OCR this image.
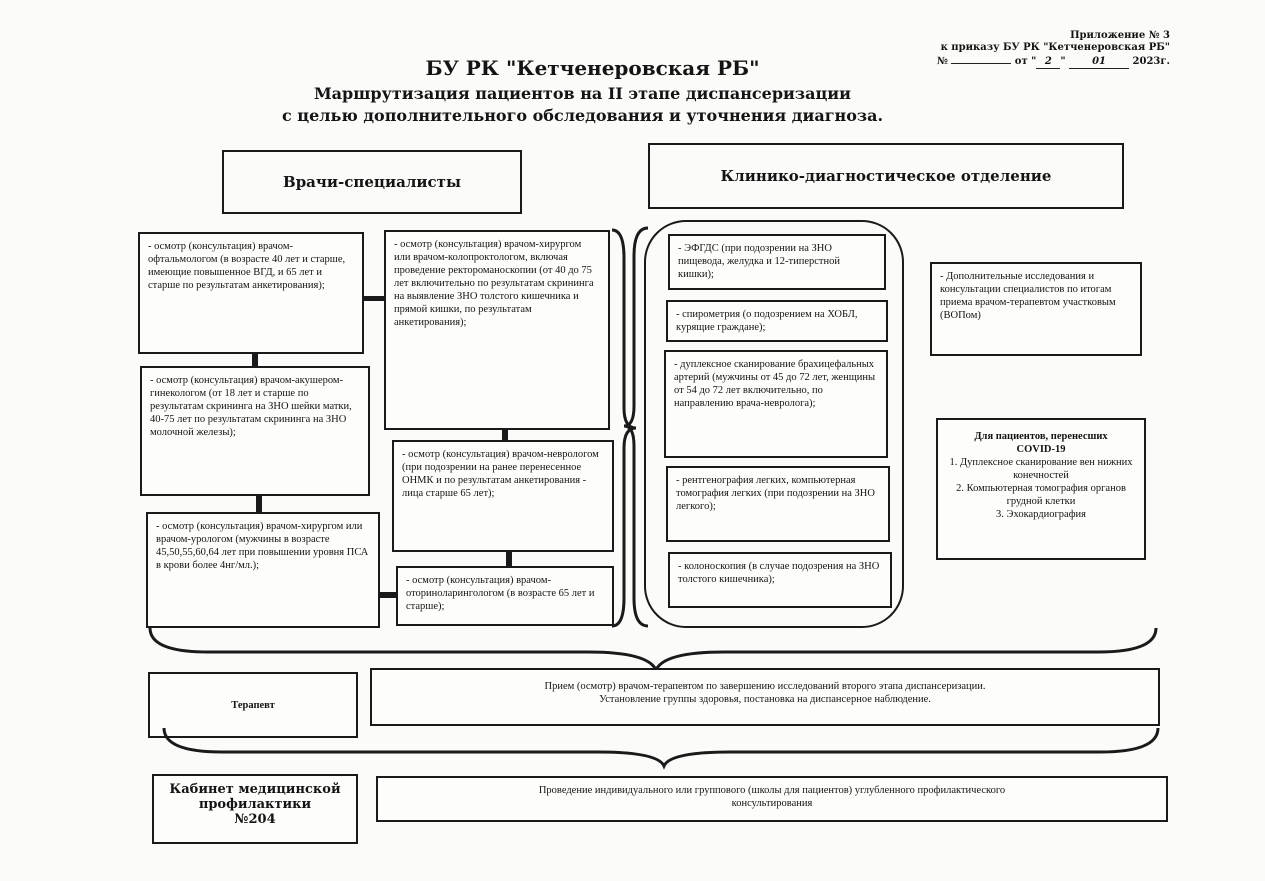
Приложение № 3
к приказу БУ РК "Кетченеровская РБ"
№	от " 2 " 01	2023г.
БУ РК "Кетченеровская РБ"
Маршрутизация пациентов на II этапе диспансеризации
с целью дополнительного обследования и уточнения диагноза.
Врачи-специалисты	Клинико-диагностическое отделение
- осмотр (консультация) врачом-офтальмологом (в возрасте 40 лет и старше, имеющие повышенное ВГД, и 65 лет и старше по результатам анкетирования);
- осмотр (консультация) врачом-акушером-гинекологом (от 18 лет и старше по результатам скрининга на ЗНО шейки матки, 40-75 лет по результатам скрининга на ЗНО молочной железы);
- осмотр (консультация) врачом-хирургом или врачом-урологом (мужчины в возрасте 45,50,55,60,64 лет при повышении уровня ПСА в крови более 4нг/мл.);
- осмотр (консультация) врачом-хирургом или врачом-колопроктологом, включая проведение ректороманоскопии (от 40 до 75 лет включительно по результатам скрининга на выявление ЗНО толстого кишечника и прямой кишки, по результатам анкетирования);
- осмотр (консультация) врачом-неврологом (при подозрении на ранее перенесенное ОНМК и по результатам анкетирования - лица старше 65 лет);
- осмотр (консультация) врачом-оториноларингологом (в возрасте 65 лет и старше);
- ЭФГДС (при подозрении на ЗНО пищевода, желудка и 12-типерстной кишки);
- спирометрия (о подозрением на ХОБЛ, курящие граждане);
- дуплексное сканирование брахицефальных артерий (мужчины от 45 до 72 лет, женщины от 54 до 72 лет включительно, по направлению врача-невролога);
- рентгенография легких, компьютерная томография легких (при подозрении на ЗНО легкого);
- колоноскопия (в случае подозрения на ЗНО толстого кишечника);
- Дополнительные исследования и консультации специалистов по итогам приема врачом-терапевтом участковым (ВОПом)
Для пациентов, перенесших
COVID-19
1. Дуплексное сканирование вен нижних конечностей
2. Компьютерная томография органов грудной клетки
3. Эхокардиография
Терапевт
Прием (осмотр) врачом-терапевтом по завершению исследований второго этапа диспансеризации.
Установление группы здоровья, постановка на диспансерное наблюдение.
Кабинет медицинской
профилактики
№204
Проведение индивидуального или группового (школы для пациентов) углубленного профилактического
консультирования
